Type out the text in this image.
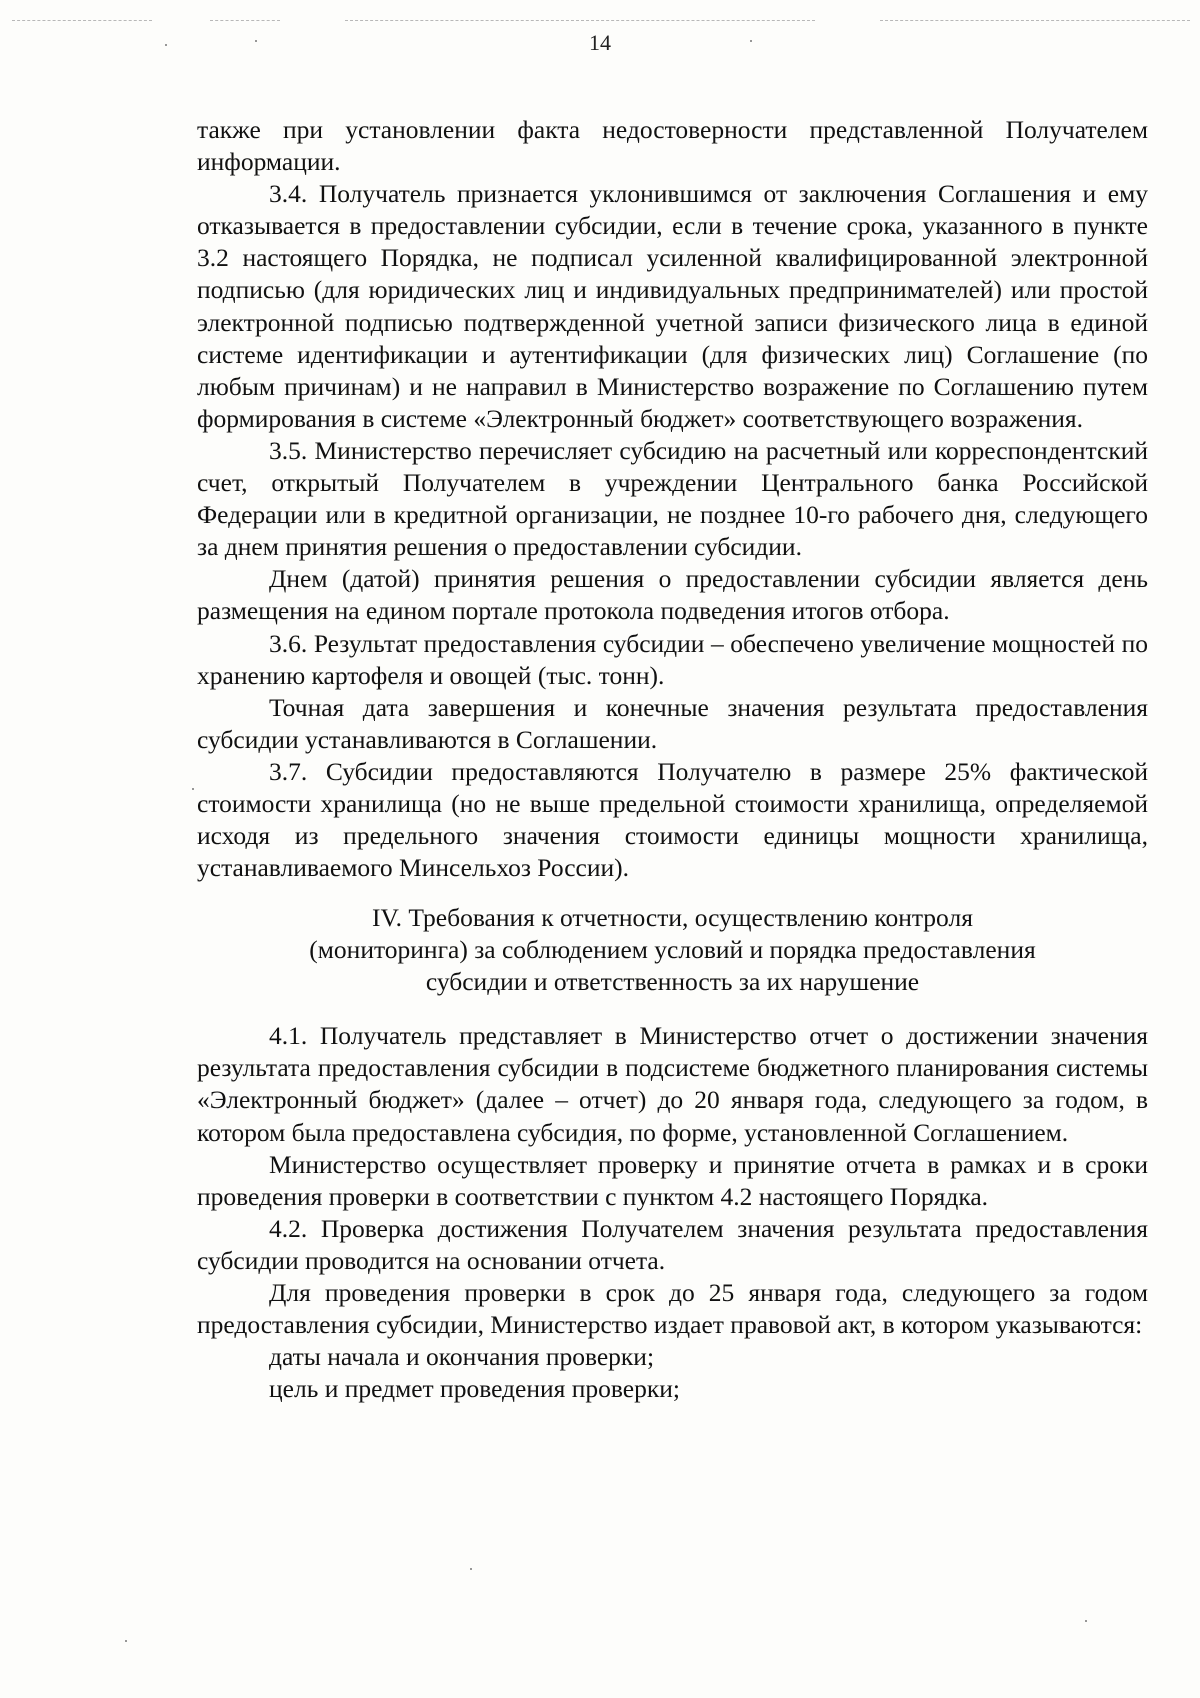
14

также при установлении факта недостоверности представленной Получателем информации.

3.4. Получатель признается уклонившимся от заключения Соглашения и ему отказывается в предоставлении субсидии, если в течение срока, указанного в пункте 3.2 настоящего Порядка, не подписал усиленной квалифицированной электронной подписью (для юридических лиц и индивидуальных предпринимателей) или простой электронной подписью подтвержденной учетной записи физического лица в единой системе идентификации и аутентификации (для физических лиц) Соглашение (по любым причинам) и не направил в Министерство возражение по Соглашению путем формирования в системе «Электронный бюджет» соответствующего возражения.

3.5. Министерство перечисляет субсидию на расчетный или корреспондентский счет, открытый Получателем в учреждении Центрального банка Российской Федерации или в кредитной организации, не позднее 10-го рабочего дня, следующего за днем принятия решения о предоставлении субсидии.

Днем (датой) принятия решения о предоставлении субсидии является день размещения на едином портале протокола подведения итогов отбора.

3.6. Результат предоставления субсидии – обеспечено увеличение мощностей по хранению картофеля и овощей (тыс. тонн).

Точная дата завершения и конечные значения результата предоставления субсидии устанавливаются в Соглашении.

3.7. Субсидии предоставляются Получателю в размере 25% фактической стоимости хранилища (но не выше предельной стоимости хранилища, определяемой исходя из предельного значения стоимости единицы мощности хранилища, устанавливаемого Минсельхоз России).

IV. Требования к отчетности, осуществлению контроля
(мониторинга) за соблюдением условий и порядка предоставления
субсидии и ответственность за их нарушение

4.1. Получатель представляет в Министерство отчет о достижении значения результата предоставления субсидии в подсистеме бюджетного планирования системы «Электронный бюджет» (далее – отчет) до 20 января года, следующего за годом, в котором была предоставлена субсидия, по форме, установленной Соглашением.

Министерство осуществляет проверку и принятие отчета в рамках и в сроки проведения проверки в соответствии с пунктом 4.2 настоящего Порядка.

4.2. Проверка достижения Получателем значения результата предоставления субсидии проводится на основании отчета.

Для проведения проверки в срок до 25 января года, следующего за годом предоставления субсидии, Министерство издает правовой акт, в котором указываются:

даты начала и окончания проверки;

цель и предмет проведения проверки;
